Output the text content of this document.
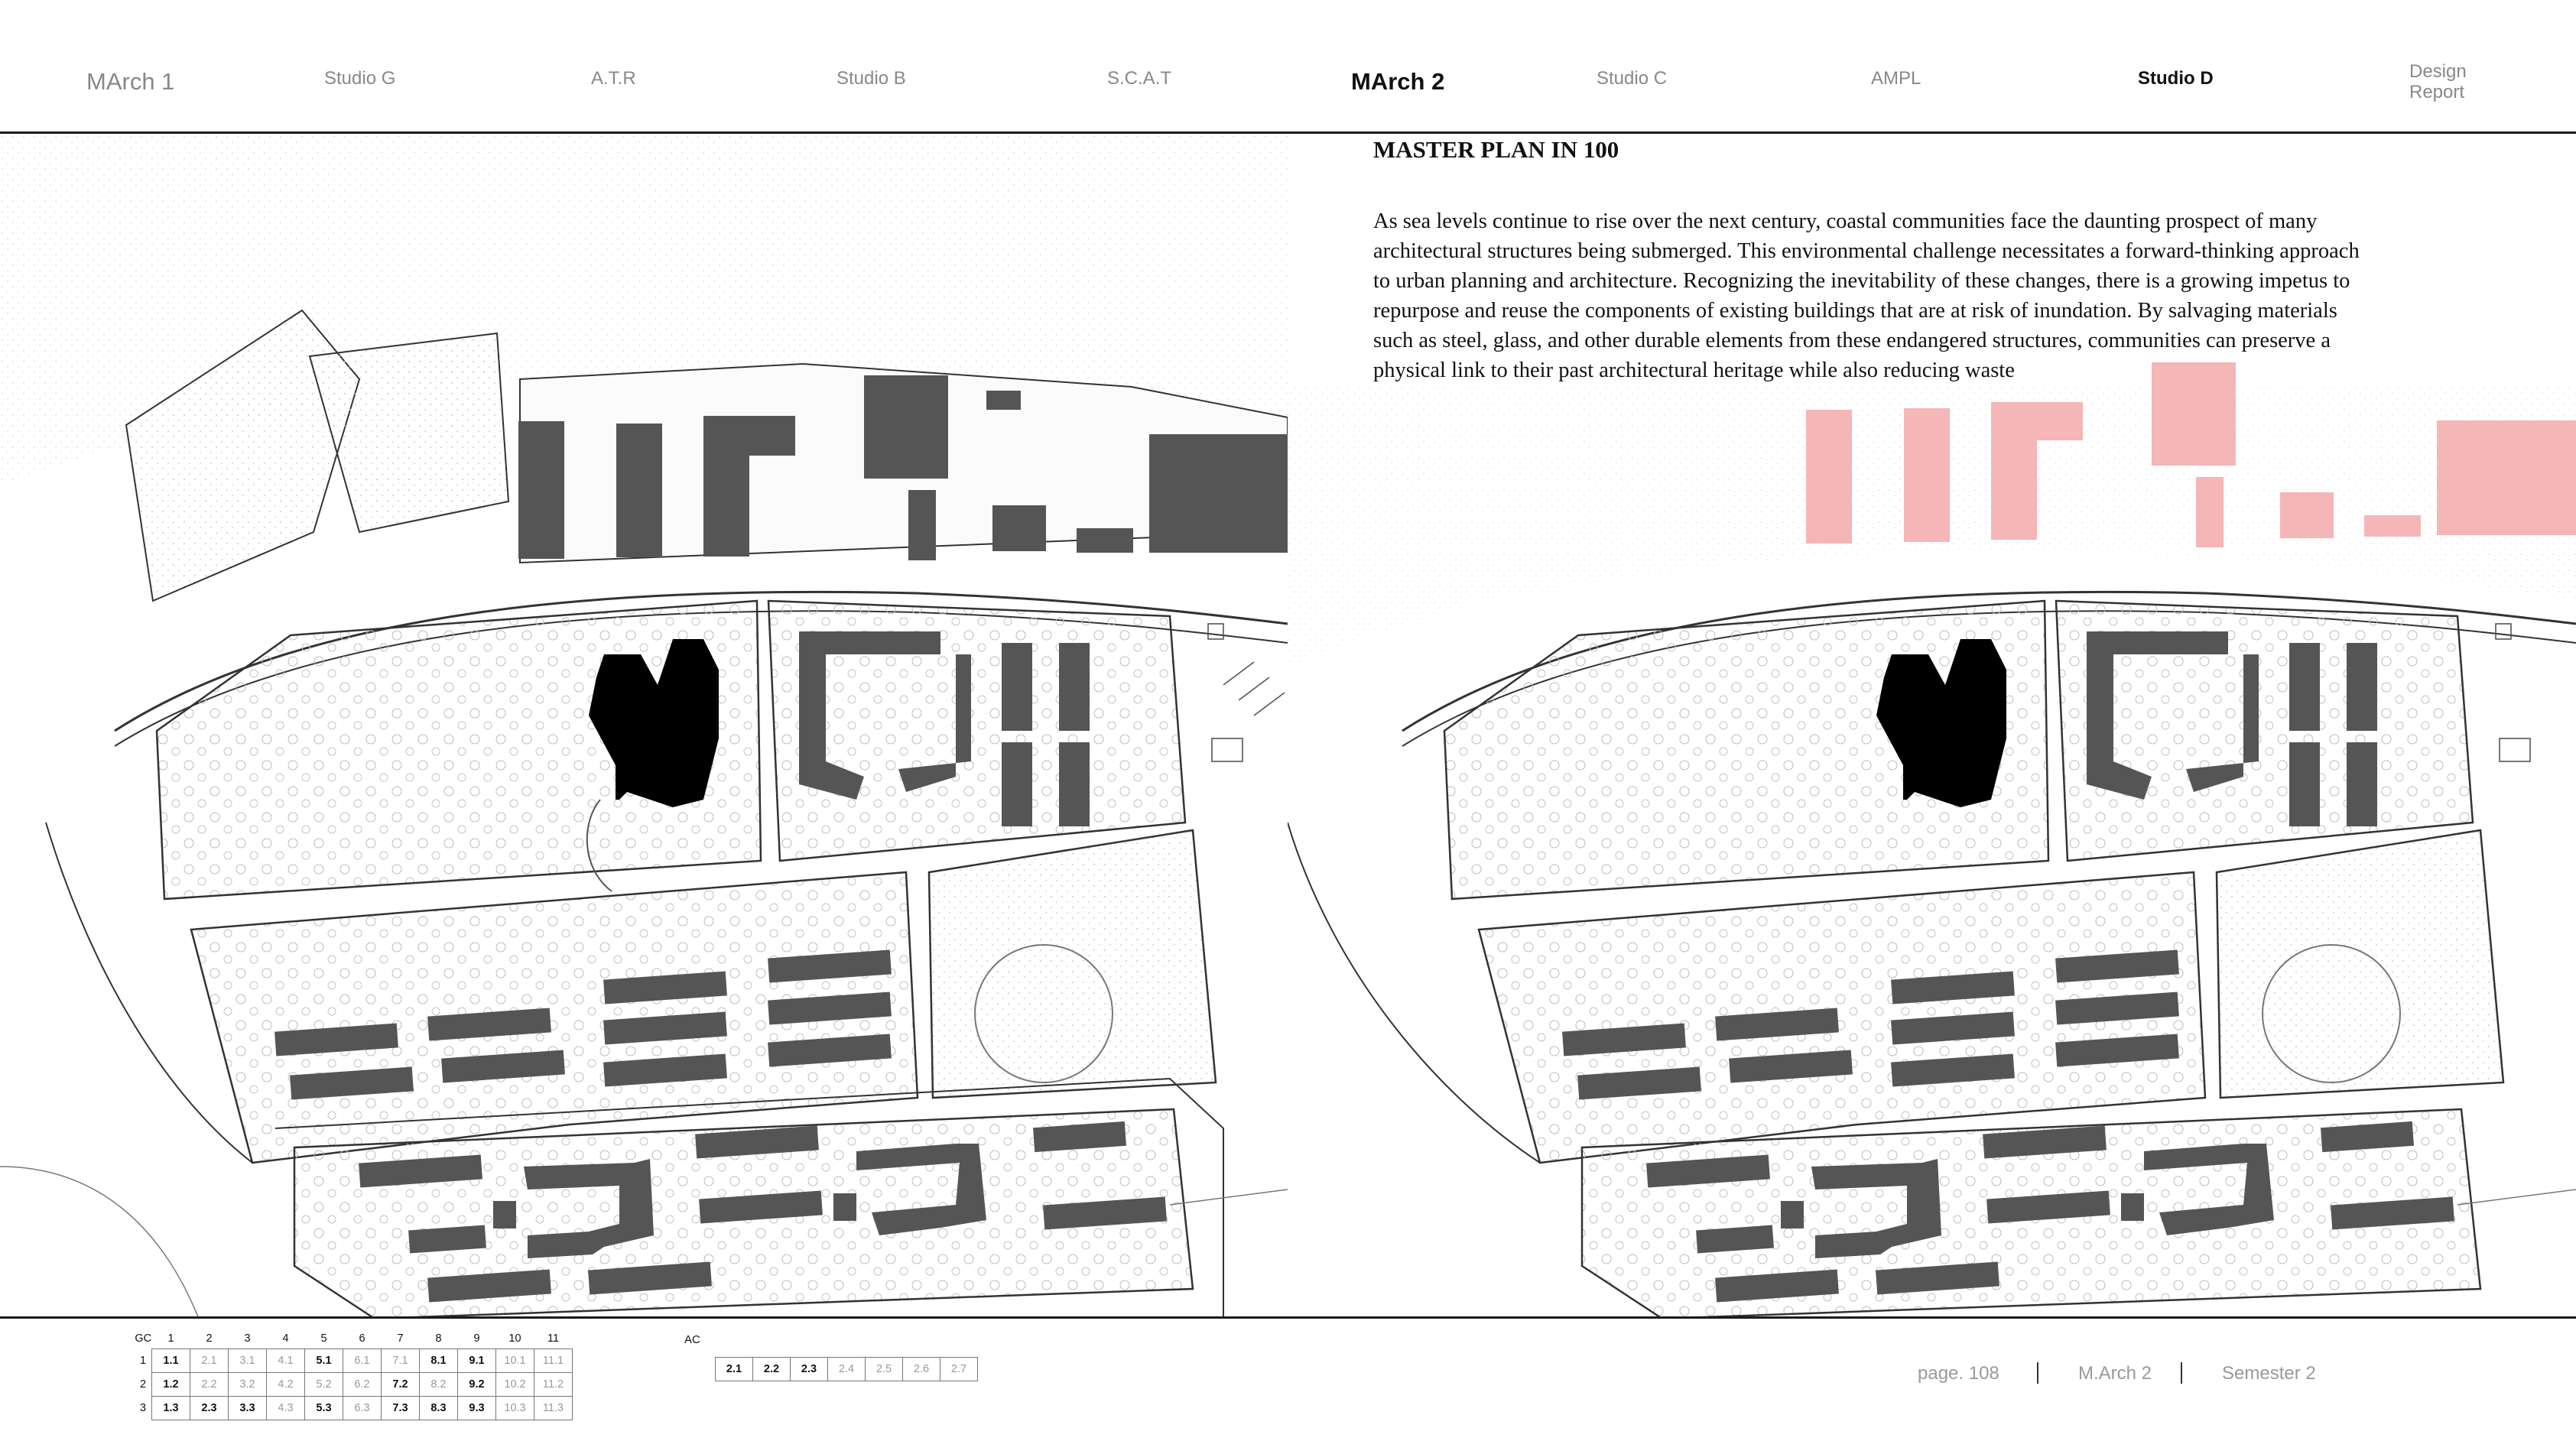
MArch 1	Studio G	A.T.R	Studio B	S.C.A.T	MArch 2	Studio C	AMPL	Studio D	Design
Report
MASTER PLAN IN 100
As sea levels continue to rise over the next century, coastal communities face the daunting prospect of many
architectural structures being submerged. This environmental challenge necessitates a forward-thinking approach
to urban planning and architecture. Recognizing the inevitability of these changes, there is a growing impetus to
repurpose and reuse the components of existing buildings that are at risk of inundation. By salvaging materials
such as steel, glass, and other durable elements from these endangered structures, communities can preserve a
physical link to their past architectural heritage while also reducing waste
GC	1	2	3	4	5	6	7	8	9	10	11
1	1.1	2.1	3.1	4.1	5.1	6.1	7.1	8.1	9.1	10.1	11.1
2	1.2	2.2	3.2	4.2	5.2	6.2	7.2	8.2	9.2	10.2	11.2
3	1.3	2.3	3.3	4.3	5.3	6.3	7.3	8.3	9.3	10.3	11.3
AC
2.1	2.2	2.3	2.4	2.5	2.6	2.7	page. 108	M.Arch 2	Semester 2
